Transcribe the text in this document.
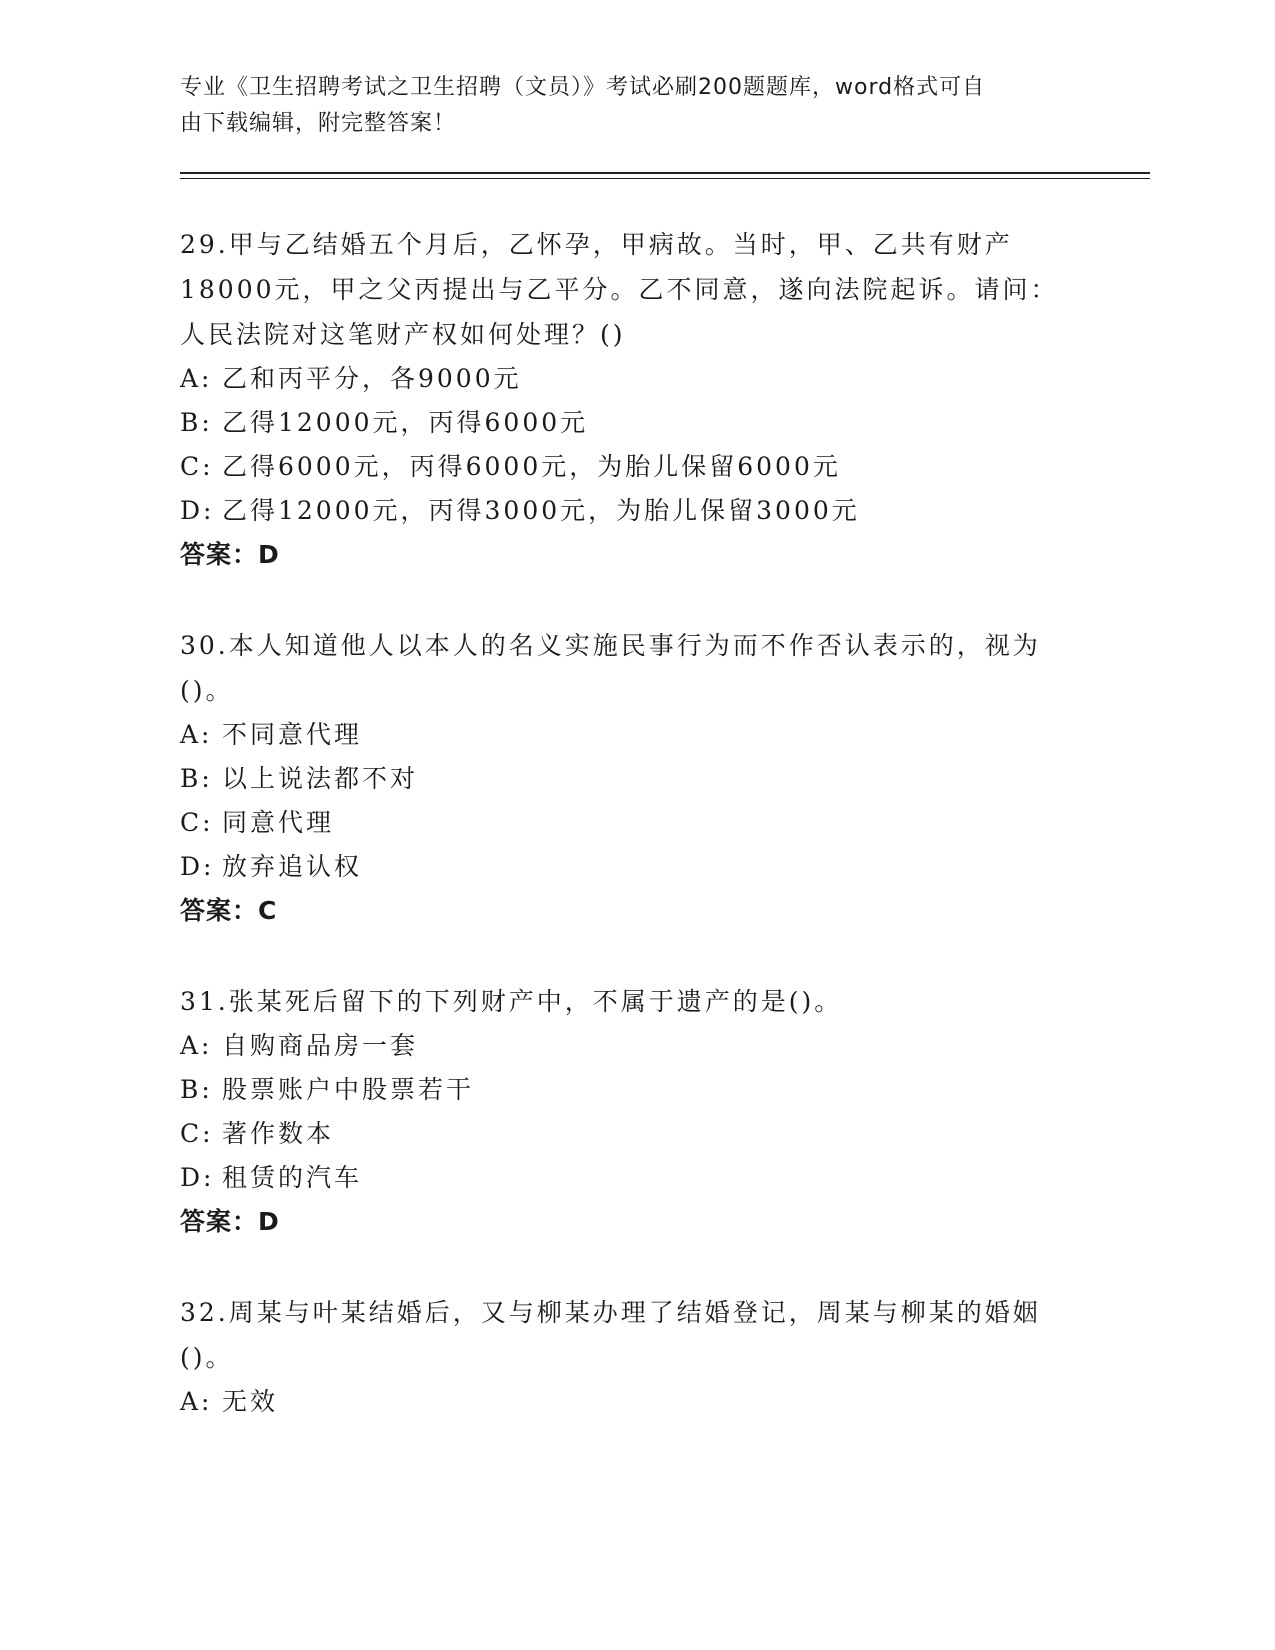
专业《卫生招聘考试之卫生招聘（文员）》考试必刷200题题库，word格式可自
由下载编辑，附完整答案！
29.甲与乙结婚五个月后，乙怀孕，甲病故。当时，甲、乙共有财产
18000元，甲之父丙提出与乙平分。乙不同意，遂向法院起诉。请问：
人民法院对这笔财产权如何处理？()
A: 乙和丙平分，各9000元
B: 乙得12000元，丙得6000元
C: 乙得6000元，丙得6000元，为胎儿保留6000元
D: 乙得12000元，丙得3000元，为胎儿保留3000元
答案：D
30.本人知道他人以本人的名义实施民事行为而不作否认表示的，视为
()。
A: 不同意代理
B: 以上说法都不对
C: 同意代理
D: 放弃追认权
答案：C
31.张某死后留下的下列财产中，不属于遗产的是()。
A: 自购商品房一套
B: 股票账户中股票若干
C: 著作数本
D: 租赁的汽车
答案：D
32.周某与叶某结婚后，又与柳某办理了结婚登记，周某与柳某的婚姻
()。
A: 无效
